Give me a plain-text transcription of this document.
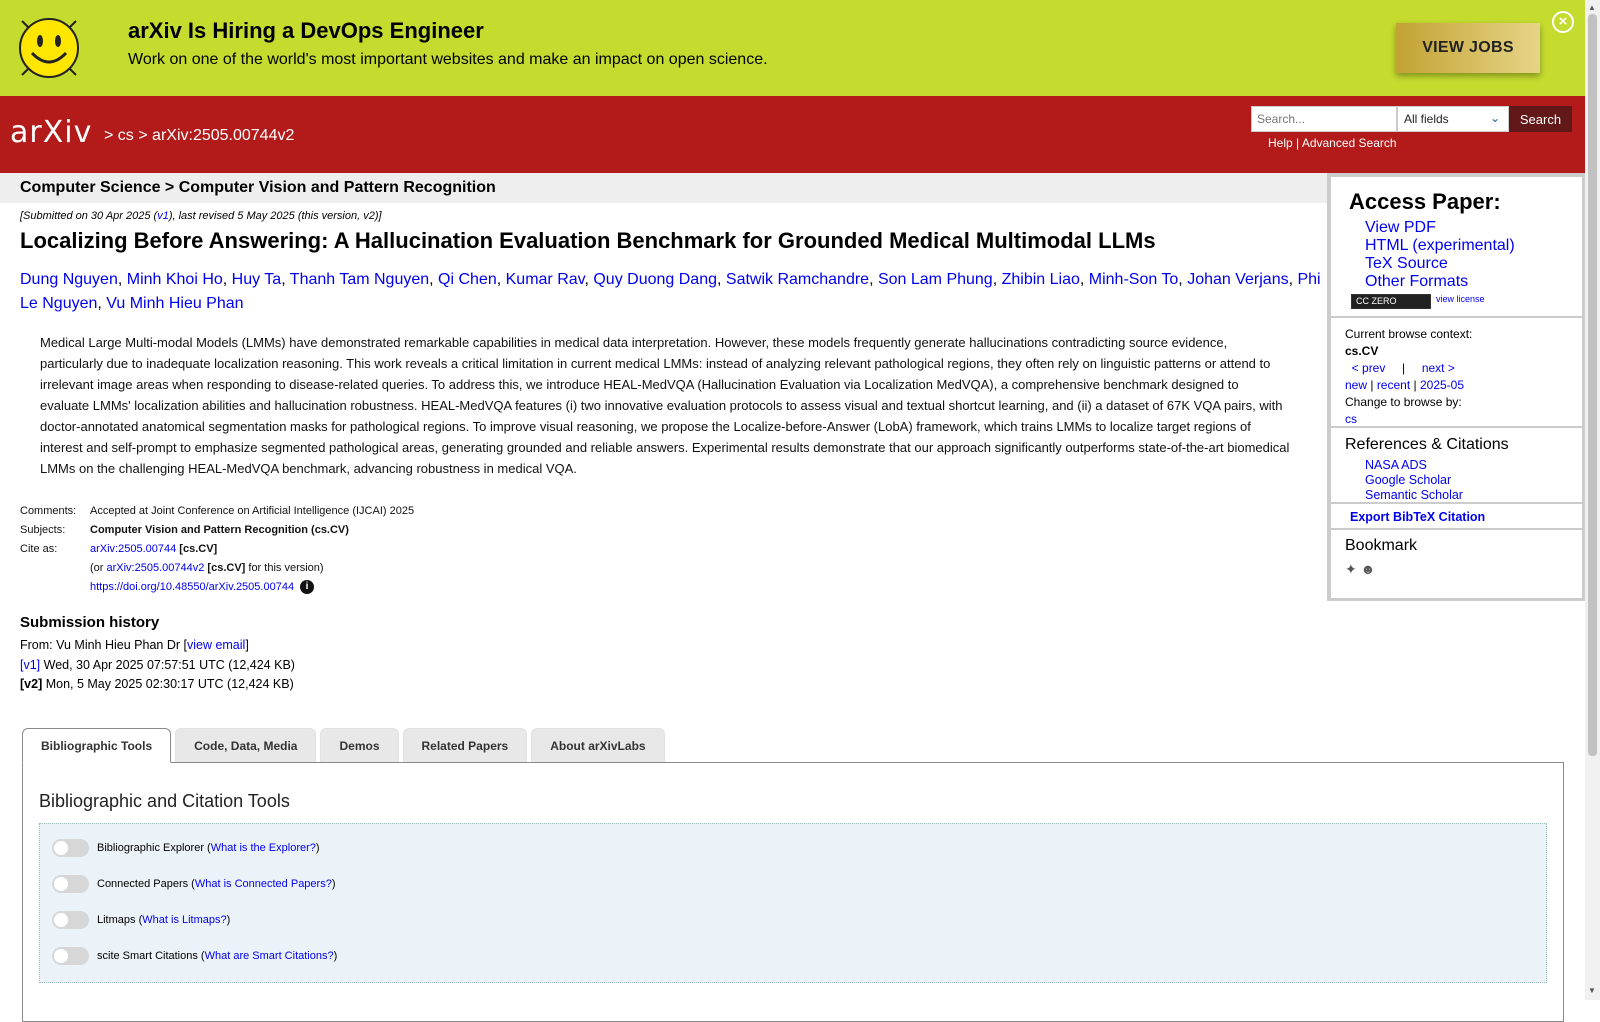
arXiv Is Hiring a DevOps Engineer
Work on one of the world's most important websites and make an impact on open science.
VIEW JOBS
×
arXiv > cs > arXiv:2505.00744v2
Search...
All fields	⌄	Search
Help | Advanced Search
Computer Science > Computer Vision and Pattern Recognition
[Submitted on 30 Apr 2025 (v1), last revised 5 May 2025 (this version, v2)]
Localizing Before Answering: A Hallucination Evaluation Benchmark for Grounded Medical Multimodal LLMs
Dung Nguyen, Minh Khoi Ho, Huy Ta, Thanh Tam Nguyen, Qi Chen, Kumar Rav, Quy Duong Dang, Satwik Ramchandre, Son Lam Phung, Zhibin Liao, Minh-Son To, Johan Verjans, Phi Le Nguyen, Vu Minh Hieu Phan
Medical Large Multi-modal Models (LMMs) have demonstrated remarkable capabilities in medical data interpretation. However, these models frequently generate hallucinations contradicting source evidence, particularly due to inadequate localization reasoning. This work reveals a critical limitation in current medical LMMs: instead of analyzing relevant pathological regions, they often rely on linguistic patterns or attend to irrelevant image areas when responding to disease-related queries. To address this, we introduce HEAL-MedVQA (Hallucination Evaluation via Localization MedVQA), a comprehensive benchmark designed to evaluate LMMs' localization abilities and hallucination robustness. HEAL-MedVQA features (i) two innovative evaluation protocols to assess visual and textual shortcut learning, and (ii) a dataset of 67K VQA pairs, with doctor-annotated anatomical segmentation masks for pathological regions. To improve visual reasoning, we propose the Localize-before-Answer (LobA) framework, which trains LMMs to localize target regions of interest and self-prompt to emphasize segmented pathological areas, generating grounded and reliable answers. Experimental results demonstrate that our approach significantly outperforms state-of-the-art biomedical LMMs on the challenging HEAL-MedVQA benchmark, advancing robustness in medical VQA.
Comments:	Accepted at Joint Conference on Artificial Intelligence (IJCAI) 2025
Subjects:	Computer Vision and Pattern Recognition (cs.CV)
Cite as:	arXiv:2505.00744 [cs.CV]
(or arXiv:2505.00744v2 [cs.CV] for this version)
https://doi.org/10.48550/arXiv.2505.00744 i
Submission history
From: Vu Minh Hieu Phan Dr [view email]
[v1] Wed, 30 Apr 2025 07:57:51 UTC (12,424 KB)
[v2] Mon, 5 May 2025 02:30:17 UTC (12,424 KB)
Bibliographic Tools	Code, Data, Media	Demos	Related Papers	About arXivLabs
Bibliographic and Citation Tools
Bibliographic Explorer (What is the Explorer?)
Connected Papers (What is Connected Papers?)
Litmaps (What is Litmaps?)
scite Smart Citations (What are Smart Citations?)
Access Paper:
View PDF
HTML (experimental)
TeX Source
Other Formats
CC ZERO	view license
Current browse context:
cs.CV
< prev | next >
new | recent | 2025-05
Change to browse by:
cs
References & Citations
NASA ADS
Google Scholar
Semantic Scholar
Export BibTeX Citation
Bookmark
✦ ☻
▲
▼
